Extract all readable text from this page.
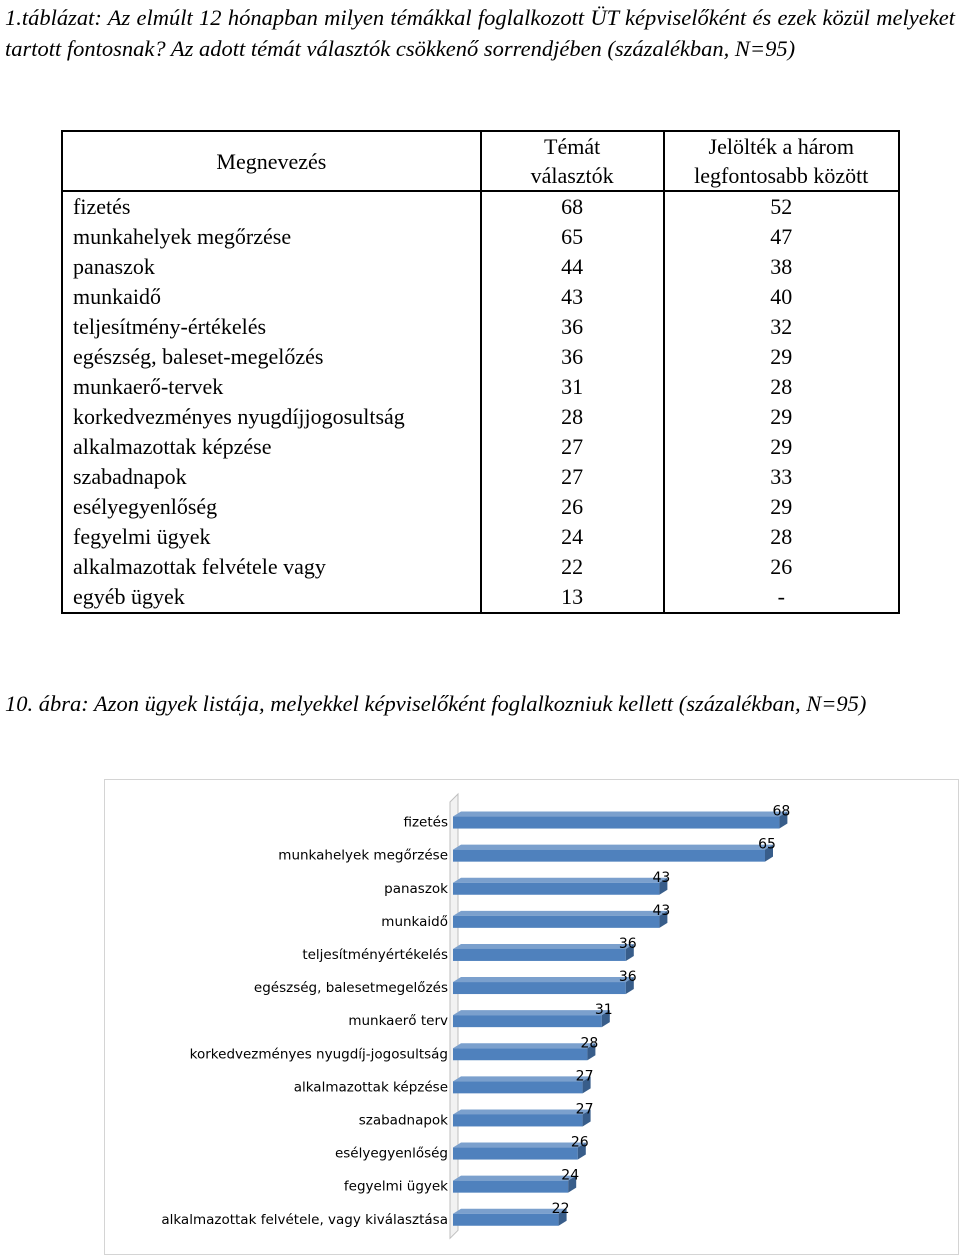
1.táblázat: Az elmúlt 12 hónapban milyen témákkal foglalkozott ÜT képviselőként és ezek közül melyeket tartott fontosnak? Az adott témát választók csökkenő sorrendjében (százalékban, N=95)

Megnevezés	Témát választók	Jelölték a három legfontosabb között
fizetés	68	52
munkahelyek megőrzése	65	47
panaszok	44	38
munkaidő	43	40
teljesítmény-értékelés	36	32
egészség, baleset-megelőzés	36	29
munkaerő-tervek	31	28
korkedvezményes nyugdíjjogosultság	28	29
alkalmazottak képzése	27	29
szabadnapok	27	33
esélyegyenlőség	26	29
fegyelmi ügyek	24	28
alkalmazottak felvétele vagy	22	26
egyéb ügyek	13	-

10. ábra: Azon ügyek listája, melyekkel képviselőként foglalkozniuk kellett (százalékban, N=95)

fizetés
68
munkahelyek megőrzése
65
panaszok
43
munkaidő
43
teljesítményértékelés
36
egészség, balesetmegelőzés
36
munkaerő terv
31
korkedvezményes nyugdíj-jogosultság
28
alkalmazottak képzése
27
szabadnapok
27
esélyegyenlőség
26
fegyelmi ügyek
24
alkalmazottak felvétele, vagy kiválasztása
22
